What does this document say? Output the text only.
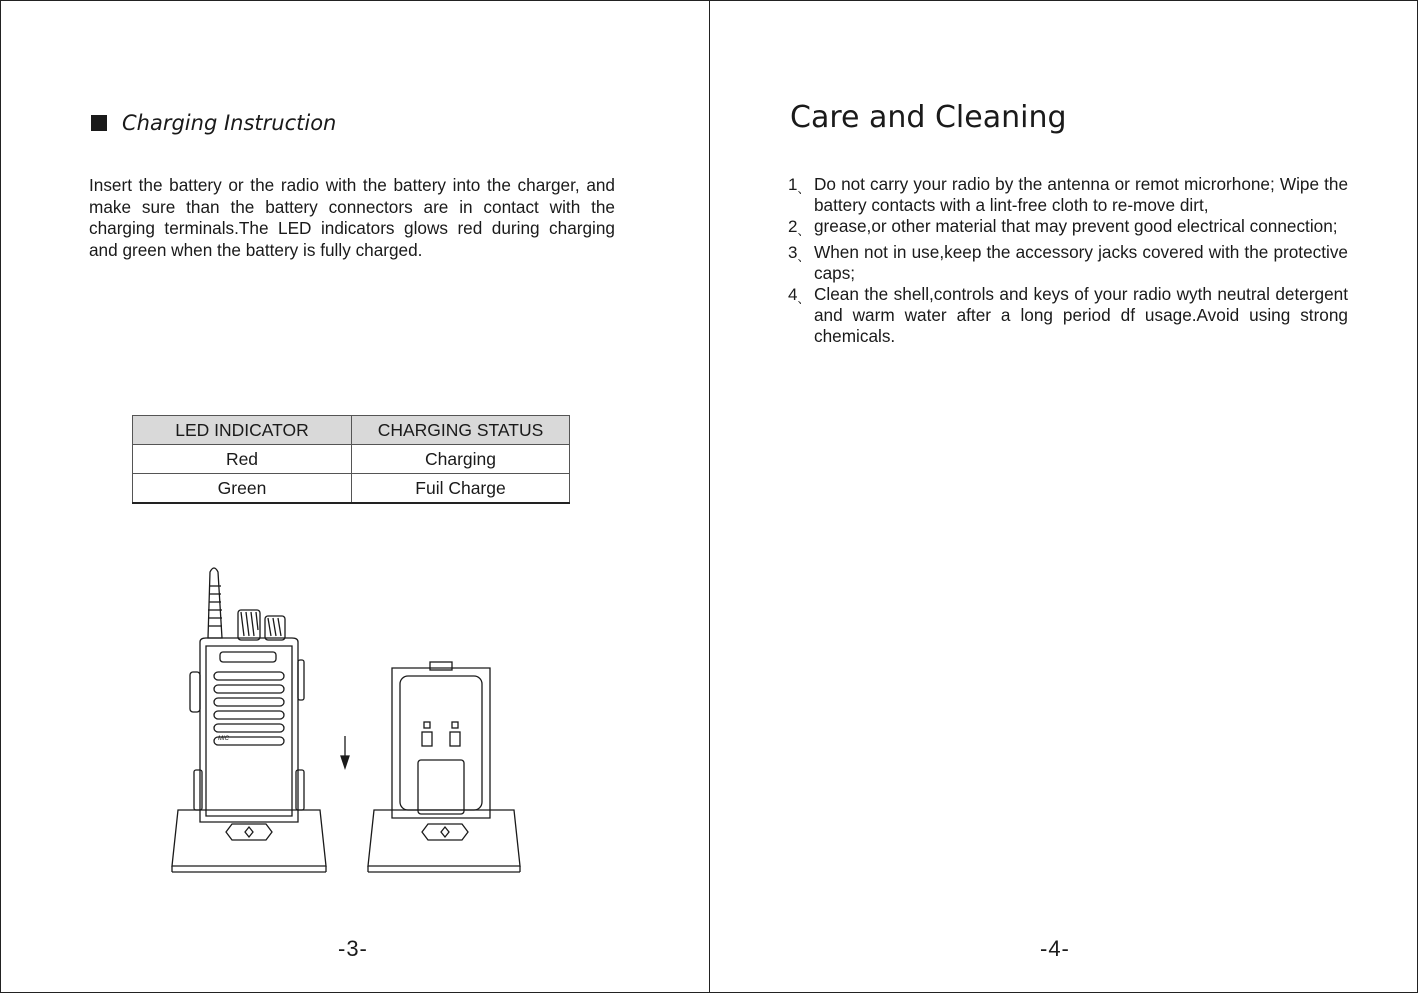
Charging Instruction

Insert the battery or the radio with the battery into the charger, and make sure than the battery connectors are in contact with the charging terminals.The LED indicators glows red during charging and green when the battery is fully charged.

LED INDICATOR	CHARGING STATUS
Red	Charging
Green	Fuil Charge
MIC
-3-
Care and Cleaning
1、 Do not carry your radio by the antenna or remot microrhone; Wipe the battery contacts with a lint-free cloth to re-move dirt,
2、 grease,or other material that may prevent good electrical connection;
3、 When not in use,keep the accessory jacks covered with the protective caps;
4、 Clean the shell,controls and keys of your radio wyth neutral detergent and warm water after a long period df usage.Avoid using strong chemicals.
-4-
